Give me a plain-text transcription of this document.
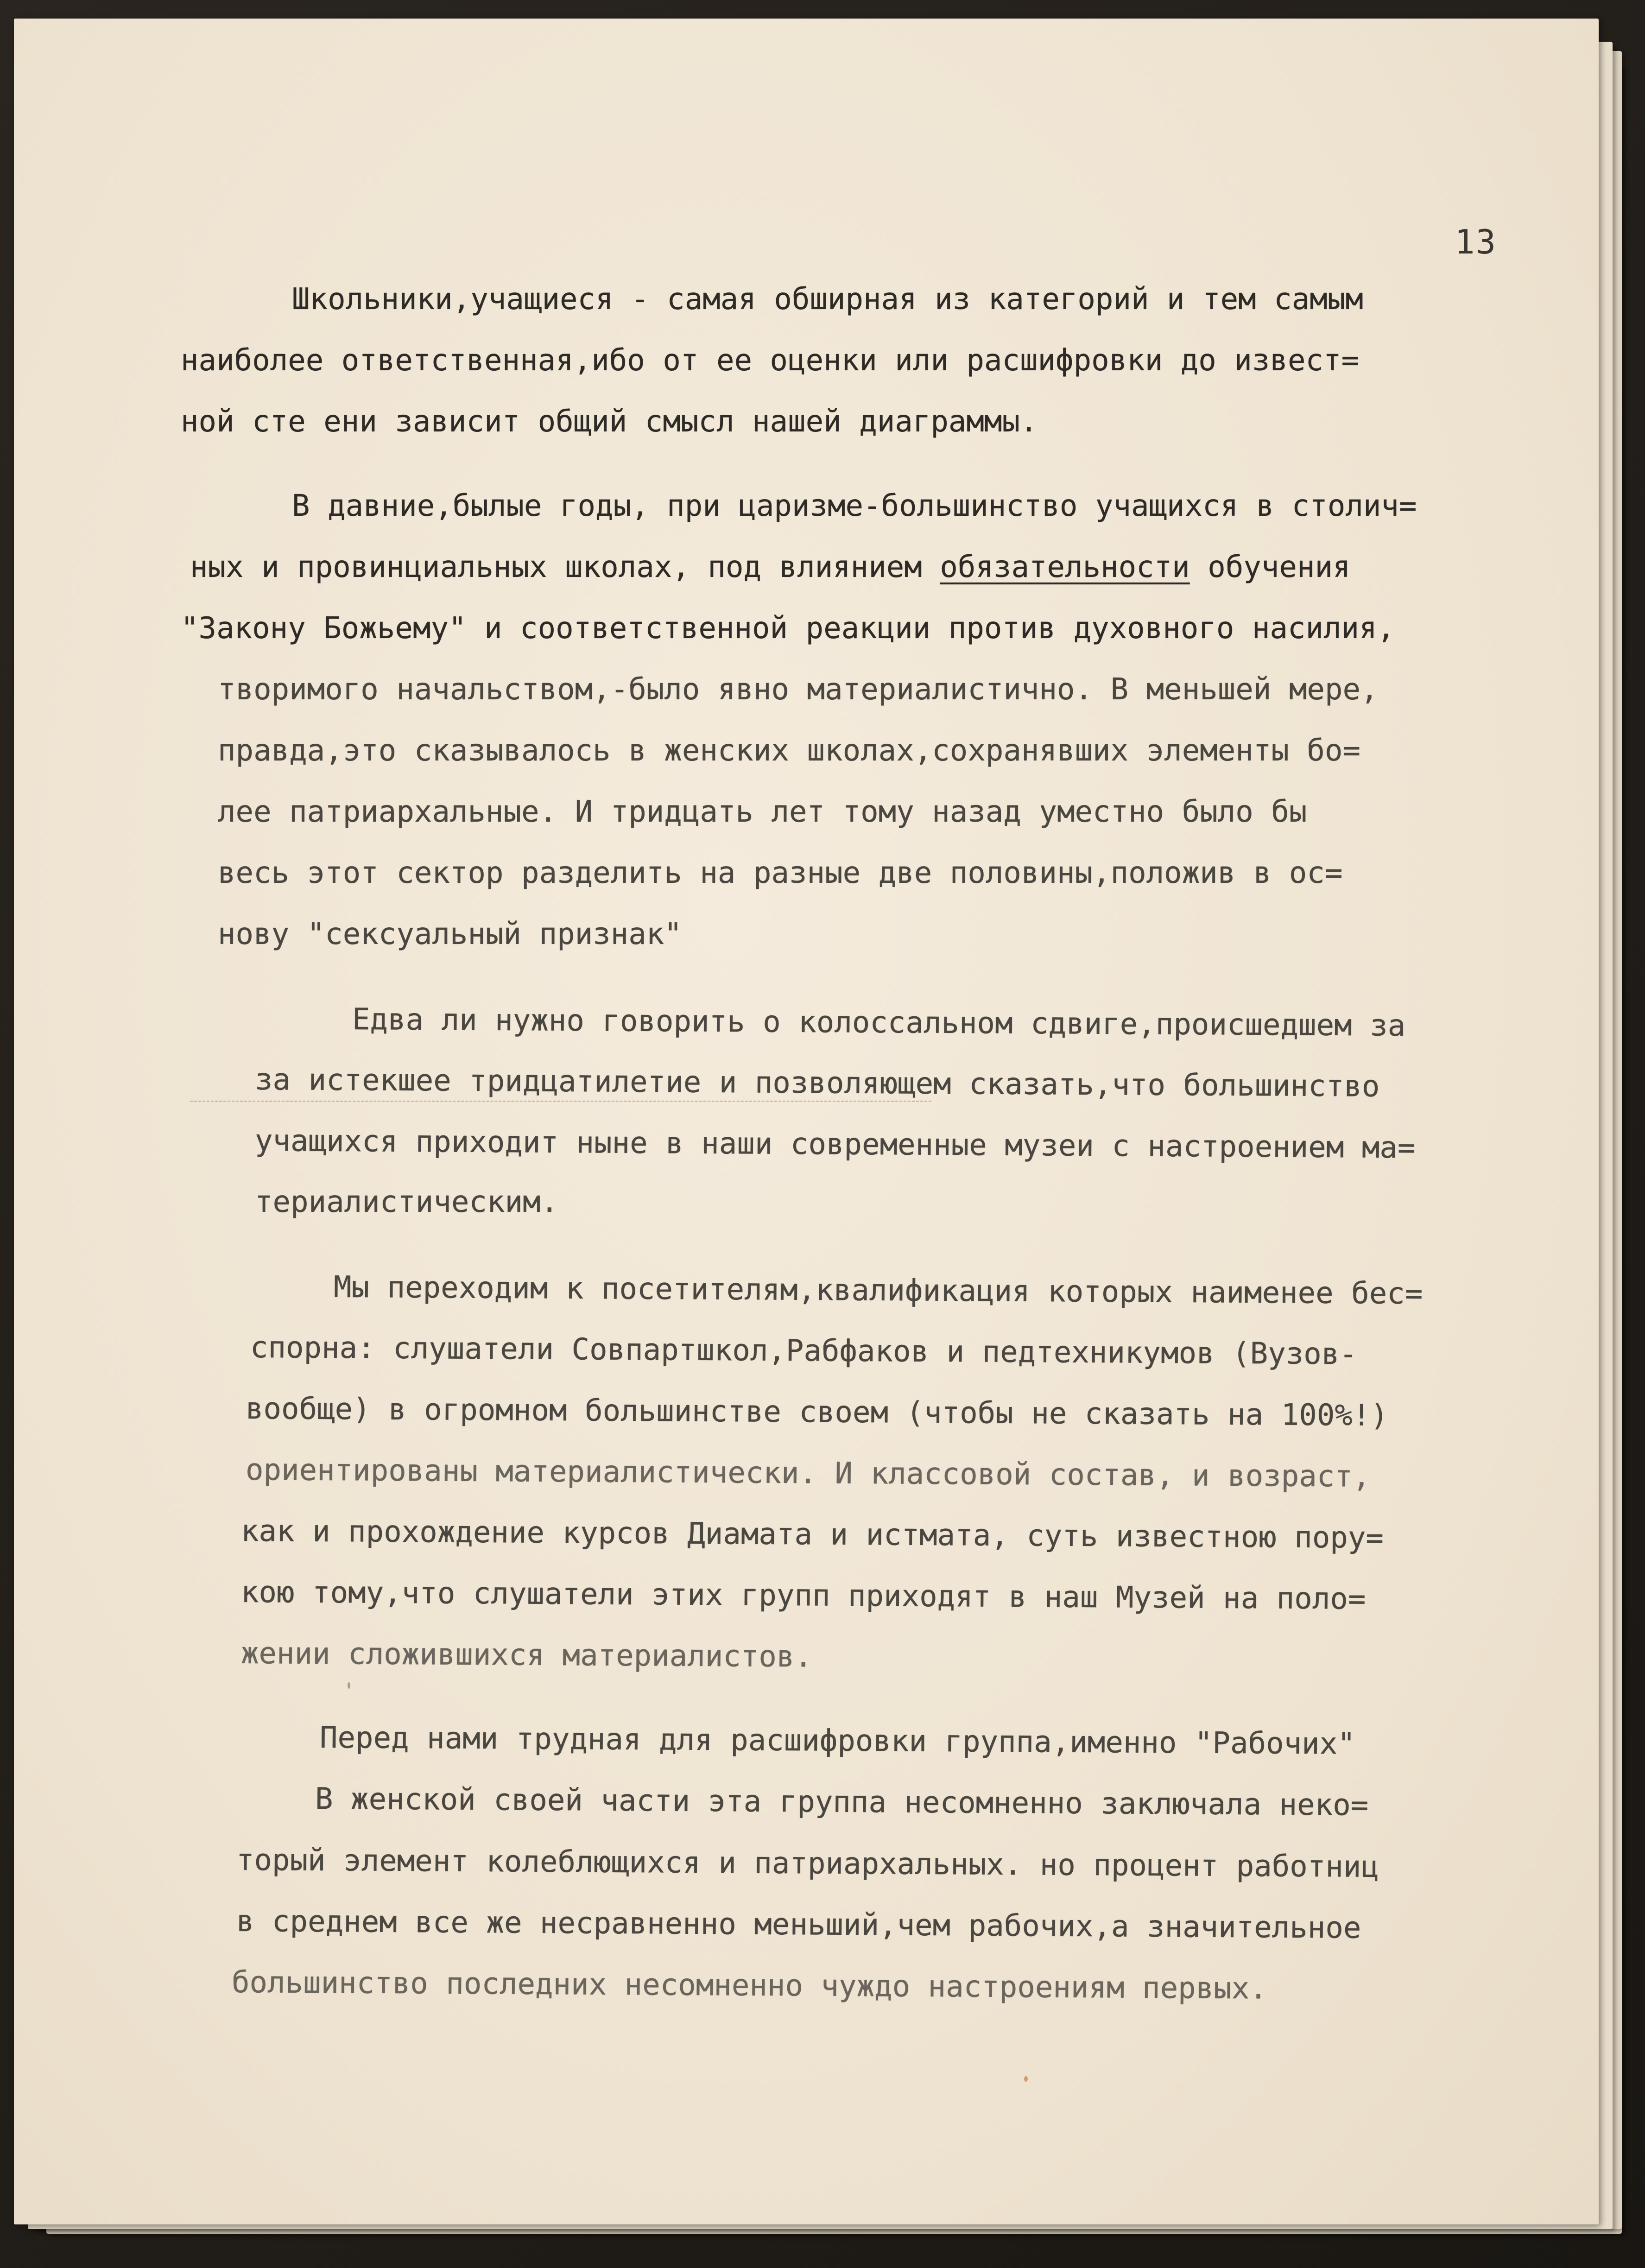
13
Школьники,учащиеся - самая обширная из категорий и тем самым
наиболее ответственная,ибо от ее оценки или расшифровки до извест=
ной сте ени зависит общий смысл нашей диаграммы.
В давние,былые годы, при царизме-большинство учащихся в столич=
ных и провинциальных школах, под влиянием обязательности обучения
"Закону Божьему" и соответственной реакции против духовного насилия,
творимого начальством,-было явно материалистично. В меньшей мере,
правда,это сказывалось в женских школах,сохранявших элементы бо=
лее патриархальные. И тридцать лет тому назад уместно было бы
весь этот сектор разделить на разные две половины,положив в ос=
нову "сексуальный признак"
Едва ли нужно говорить о колоссальном сдвиге,происшедшем за
за истекшее тридцатилетие и позволяющем сказать,что большинство
учащихся приходит ныне в наши современные музеи с настроением ма=
териалистическим.
Мы переходим к посетителям,квалификация которых наименее бес=
спорна: слушатели Совпартшкол,Рабфаков и педтехникумов (Вузов-
вообще) в огромном большинстве своем (чтобы не сказать на 100%!)
ориентированы материалистически. И классовой состав, и возраст,
как и прохождение курсов Диамата и истмата, суть известною пору=
кою тому,что слушатели этих групп приходят в наш Музей на поло=
жении сложившихся материалистов.
Перед нами трудная для расшифровки группа,именно "Рабочих"
В женской своей части эта группа несомненно заключала неко=
торый элемент колеблющихся и патриархальных. но процент работниц
в среднем все же несравненно меньший,чем рабочих,а значительное
большинство последних несомненно чуждо настроениям первых.
